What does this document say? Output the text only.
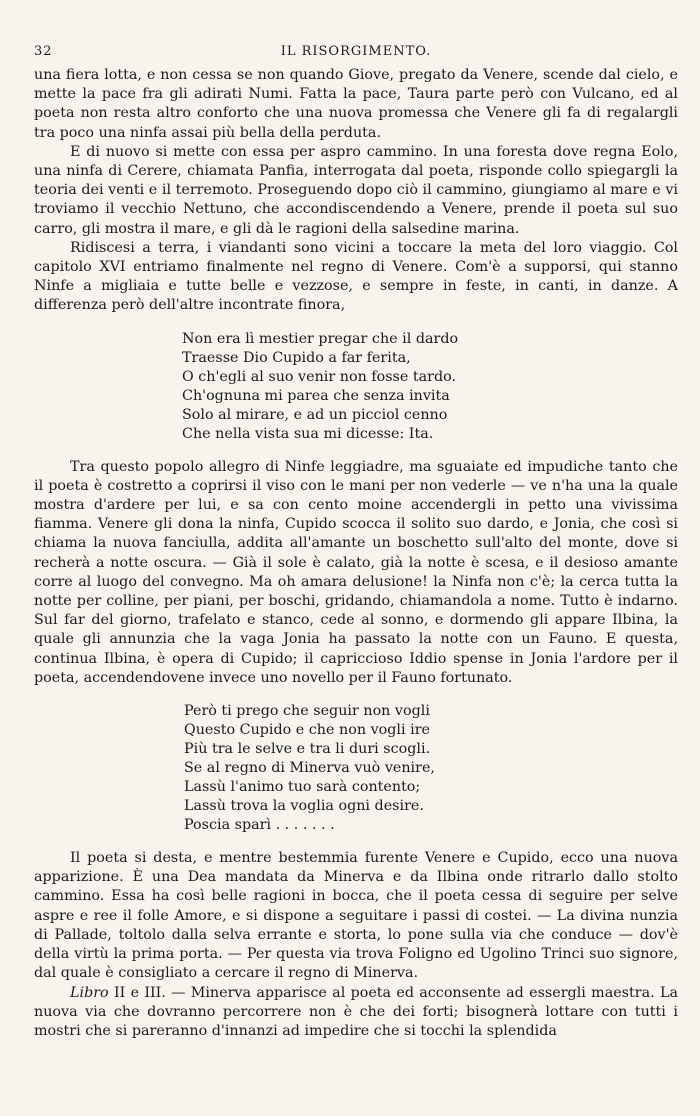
32	IL RISORGIMENTO.

una fiera lotta, e non cessa se non quando Giove, pregato da Venere, scende dal cielo, e mette la pace fra gli adirati Numi. Fatta la pace, Taura parte però con Vulcano, ed al poeta non resta altro conforto che una nuova promessa che Venere gli fa di regalargli tra poco una ninfa assai più bella della perduta.

E di nuovo si mette con essa per aspro cammino. In una foresta dove regna Eolo, una ninfa di Cerere, chiamata Panfia, interrogata dal poeta, risponde collo spiegargli la teoria dei venti e il terremoto. Proseguendo dopo ciò il cammino, giungiamo al mare e vi troviamo il vecchio Nettuno, che accondiscendendo a Venere, prende il poeta sul suo carro, gli mostra il mare, e gli dà le ragioni della salsedine marina.

Ridiscesi a terra, i viandanti sono vicini a toccare la meta del loro viaggio. Col capitolo XVI entriamo finalmente nel regno di Venere. Com'è a supporsi, qui stanno Ninfe a migliaia e tutte belle e vezzose, e sempre in feste, in canti, in danze. A differenza però dell'altre incontrate finora,

Non era lì mestier pregar che il dardo
Traesse Dio Cupido a far ferita,
O ch'egli al suo venir non fosse tardo.
Ch'ognuna mi parea che senza invita
Solo al mirare, e ad un picciol cenno
Che nella vista sua mi dicesse: Ita.

Tra questo popolo allegro di Ninfe leggiadre, ma sguaiate ed impudiche tanto che il poeta è costretto a coprirsi il viso con le mani per non vederle — ve n'ha una la quale mostra d'ardere per lui, e sa con cento moine accendergli in petto una vivissima fiamma. Venere gli dona la ninfa, Cupido scocca il solito suo dardo, e Jonia, che così si chiama la nuova fanciulla, addita all'amante un boschetto sull'alto del monte, dove si recherà a notte oscura. — Già il sole è calato, già la notte è scesa, e il desioso amante corre al luogo del convegno. Ma oh amara delusione! la Ninfa non c'è; la cerca tutta la notte per colline, per piani, per boschi, gridando, chiamandola a nome. Tutto è indarno. Sul far del giorno, trafelato e stanco, cede al sonno, e dormendo gli appare Ilbina, la quale gli annunzia che la vaga Jonia ha passato la notte con un Fauno. E questa, continua Ilbina, è opera di Cupido; il capriccioso Iddio spense in Jonia l'ardore per il poeta, accendendovene invece uno novello per il Fauno fortunato.

Però ti prego che seguir non vogli
Questo Cupido e che non vogli ire
Più tra le selve e tra li duri scogli.
Se al regno di Minerva vuò venire,
Lassù l'animo tuo sarà contento;
Lassù trova la voglia ogni desire.
Poscia sparì . . . . . . .

Il poeta si desta, e mentre bestemmia furente Venere e Cupido, ecco una nuova apparizione. È una Dea mandata da Minerva e da Ilbina onde ritrarlo dallo stolto cammino. Essa ha così belle ragioni in bocca, che il poeta cessa di seguire per selve aspre e ree il folle Amore, e si dispone a seguitare i passi di costei. — La divina nunzia di Pallade, toltolo dalla selva errante e storta, lo pone sulla via che conduce — dov'è della virtù la prima porta. — Per questa via trova Foligno ed Ugolino Trinci suo signore, dal quale è consigliato a cercare il regno di Minerva.

Libro II e III. — Minerva apparisce al poeta ed acconsente ad essergli maestra. La nuova via che dovranno percorrere non è che dei forti; bisognerà lottare con tutti i mostri che si pareranno d'innanzi ad impedire che si tocchi la splendida
